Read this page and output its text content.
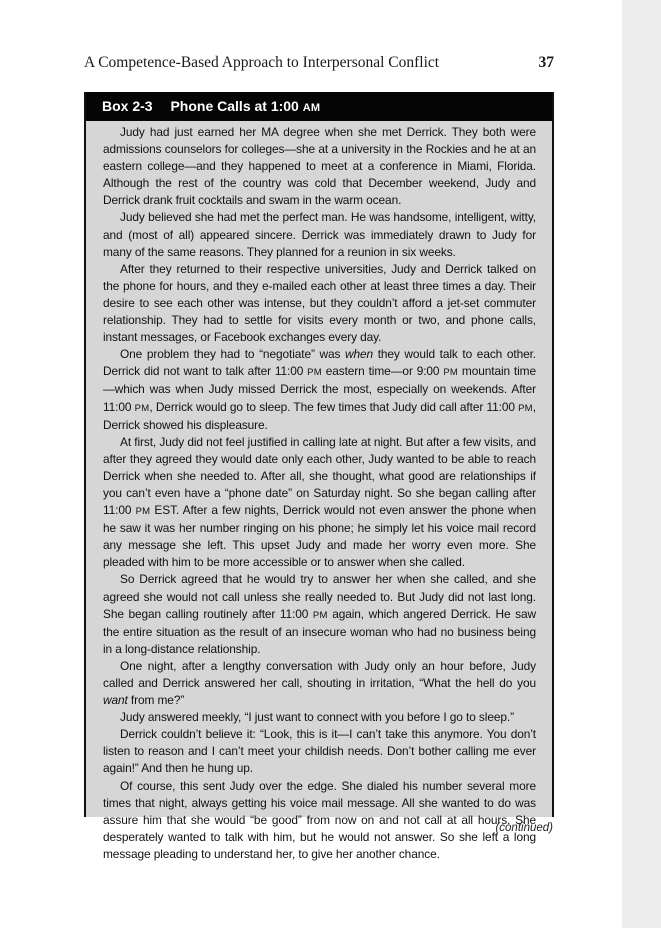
A Competence-Based Approach to Interpersonal Conflict	37
Box 2-3 Phone Calls at 1:00 AM

Judy had just earned her MA degree when she met Derrick. They both were admissions counselors for colleges—she at a university in the Rockies and he at an eastern college—and they happened to meet at a conference in Miami, Florida. Although the rest of the country was cold that December weekend, Judy and Derrick drank fruit cocktails and swam in the warm ocean.

Judy believed she had met the perfect man. He was handsome, intelligent, witty, and (most of all) appeared sincere. Derrick was immediately drawn to Judy for many of the same reasons. They planned for a reunion in six weeks.

After they returned to their respective universities, Judy and Derrick talked on the phone for hours, and they e-mailed each other at least three times a day. Their desire to see each other was intense, but they couldn’t afford a jet-set commuter relationship. They had to settle for visits every month or two, and phone calls, instant messages, or Facebook exchanges every day.

One problem they had to “negotiate” was when they would talk to each other. Derrick did not want to talk after 11:00 PM eastern time—or 9:00 PM mountain time—which was when Judy missed Derrick the most, especially on weekends. After 11:00 PM, Derrick would go to sleep. The few times that Judy did call after 11:00 PM, Derrick showed his displeasure.

At first, Judy did not feel justified in calling late at night. But after a few visits, and after they agreed they would date only each other, Judy wanted to be able to reach Derrick when she needed to. After all, she thought, what good are relationships if you can’t even have a “phone date” on Saturday night. So she began calling after 11:00 PM EST. After a few nights, Derrick would not even answer the phone when he saw it was her number ringing on his phone; he simply let his voice mail record any message she left. This upset Judy and made her worry even more. She pleaded with him to be more accessible or to answer when she called.

So Derrick agreed that he would try to answer her when she called, and she agreed she would not call unless she really needed to. But Judy did not last long. She began calling routinely after 11:00 PM again, which angered Derrick. He saw the entire situation as the result of an insecure woman who had no business being in a long-distance relationship.

One night, after a lengthy conversation with Judy only an hour before, Judy called and Derrick answered her call, shouting in irritation, “What the hell do you want from me?”

Judy answered meekly, “I just want to connect with you before I go to sleep.”

Derrick couldn’t believe it: “Look, this is it—I can’t take this anymore. You don’t listen to reason and I can’t meet your childish needs. Don’t bother calling me ever again!” And then he hung up.

Of course, this sent Judy over the edge. She dialed his number several more times that night, always getting his voice mail message. All she wanted to do was assure him that she would “be good” from now on and not call at all hours. She desperately wanted to talk with him, but he would not answer. So she left a long message pleading to understand her, to give her another chance.

(continued)
